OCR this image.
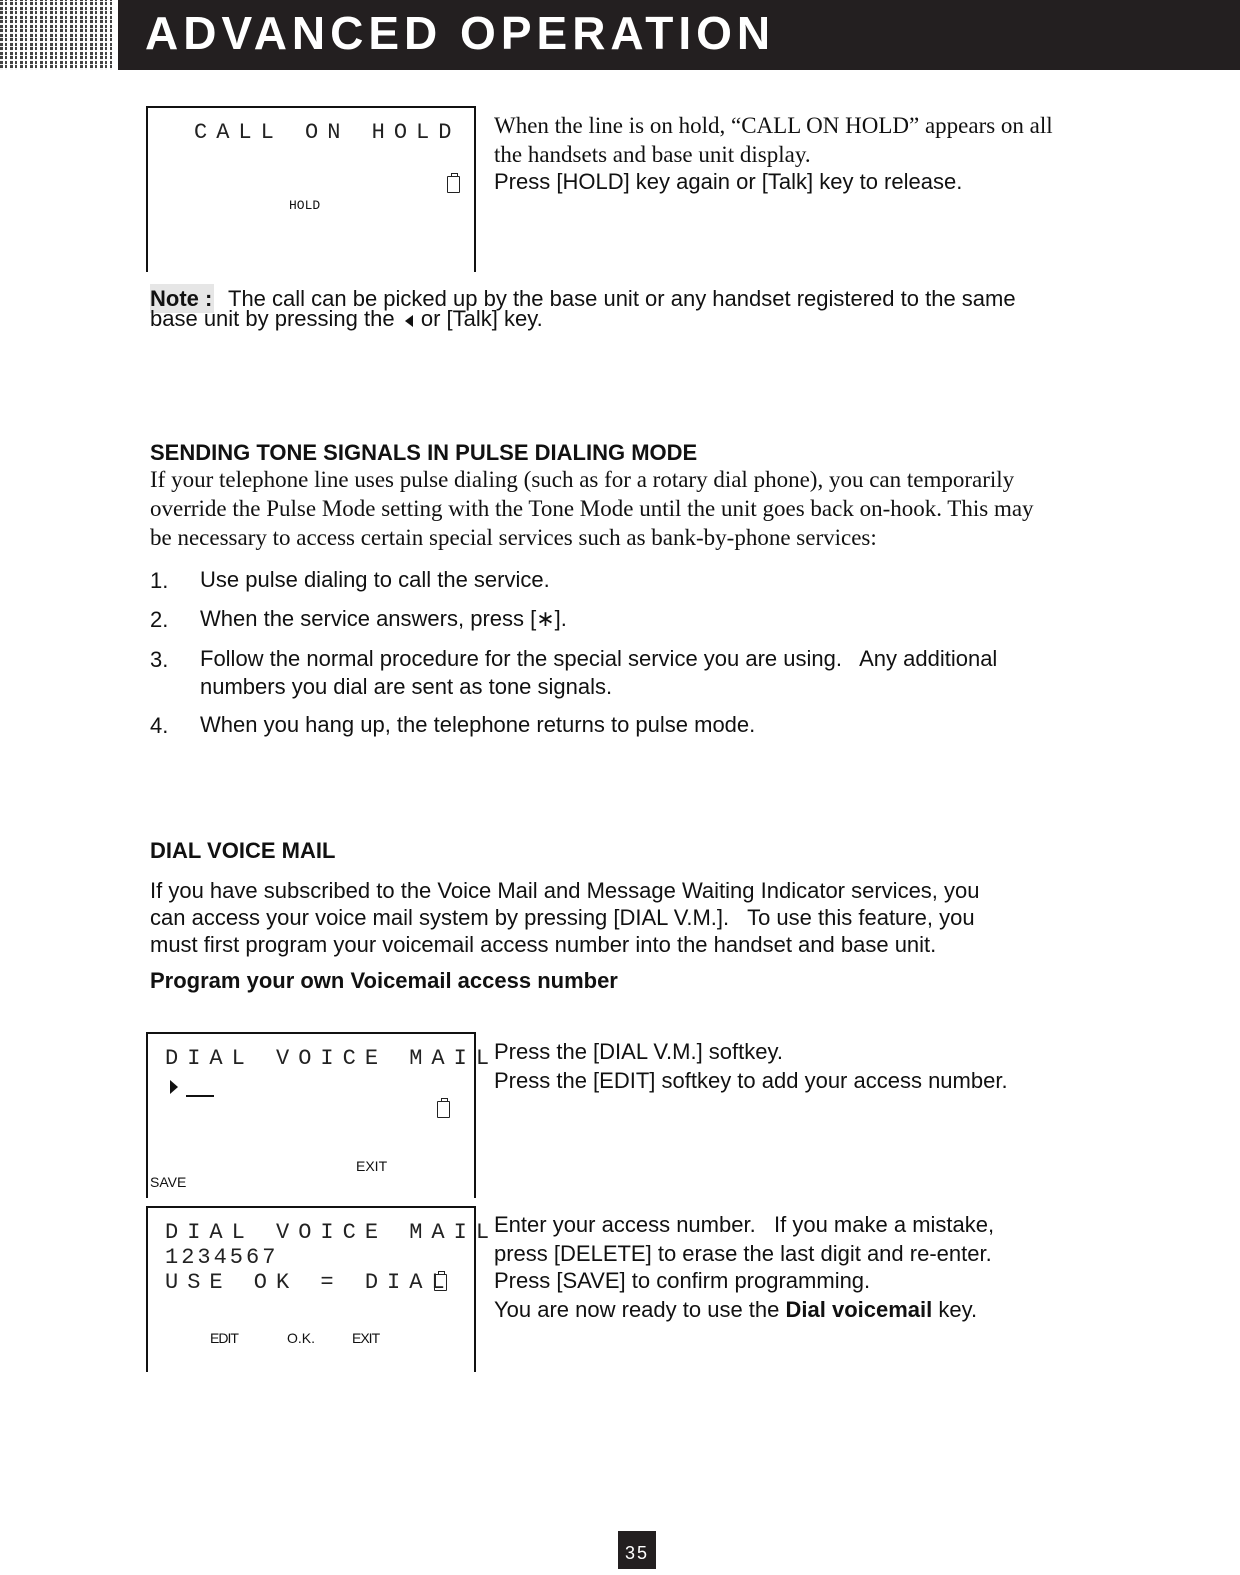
ADVANCED OPERATION
CALL ON HOLD
HOLD
When the line is on hold, “CALL ON HOLD” appears on all
the handsets and base unit display.
Press [HOLD] key again or [Talk] key to release.
Note : The call can be picked up by the base unit or any handset registered to the same
base unit by pressing the or [Talk] key.
SENDING TONE SIGNALS IN PULSE DIALING MODE
If your telephone line uses pulse dialing (such as for a rotary dial phone), you can temporarily
override the Pulse Mode setting with the Tone Mode until the unit goes back on-hook. This may
be necessary to access certain special services such as bank-by-phone services:
1. Use pulse dialing to call the service.
2. When the service answers, press [∗].
3. Follow the normal procedure for the special service you are using.   Any additional
numbers you dial are sent as tone signals.
4. When you hang up, the telephone returns to pulse mode.
DIAL VOICE MAIL
If you have subscribed to the Voice Mail and Message Waiting Indicator services, you
can access your voice mail system by pressing [DIAL V.M.].   To use this feature, you
must first program your voicemail access number into the handset and base unit.
Program your own Voicemail access number
DIAL VOICE MAIL
EXIT
SAVE
Press the [DIAL V.M.] softkey.
Press the [EDIT] softkey to add your access number.
DIAL VOICE MAIL
1234567
USE OK = DIAL
EDIT	O.K.	EXIT
Enter your access number.   If you make a mistake,
press [DELETE] to erase the last digit and re-enter.
Press [SAVE] to confirm programming.
You are now ready to use the Dial voicemail key.
35
